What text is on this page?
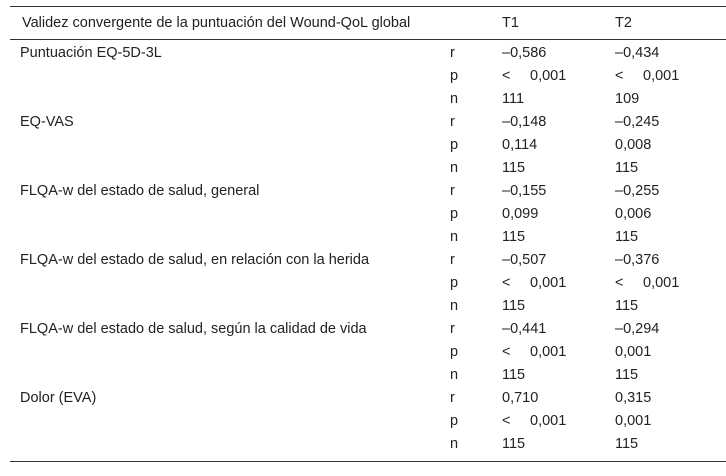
Validez convergente de la puntuación del Wound-QoL global		T1	T2
Puntuación EQ-5D-3L	r	–0,586	–0,434
	p	< 0,001	< 0,001
	n	111	109
EQ-VAS	r	–0,148	–0,245
	p	0,114	0,008
	n	115	115
FLQA-w del estado de salud, general	r	–0,155	–0,255
	p	0,099	0,006
	n	115	115
FLQA-w del estado de salud, en relación con la herida	r	–0,507	–0,376
	p	< 0,001	< 0,001
	n	115	115
FLQA-w del estado de salud, según la calidad de vida	r	–0,441	–0,294
	p	< 0,001	0,001
	n	115	115
Dolor (EVA)	r	0,710	0,315
	p	< 0,001	0,001
	n	115	115
